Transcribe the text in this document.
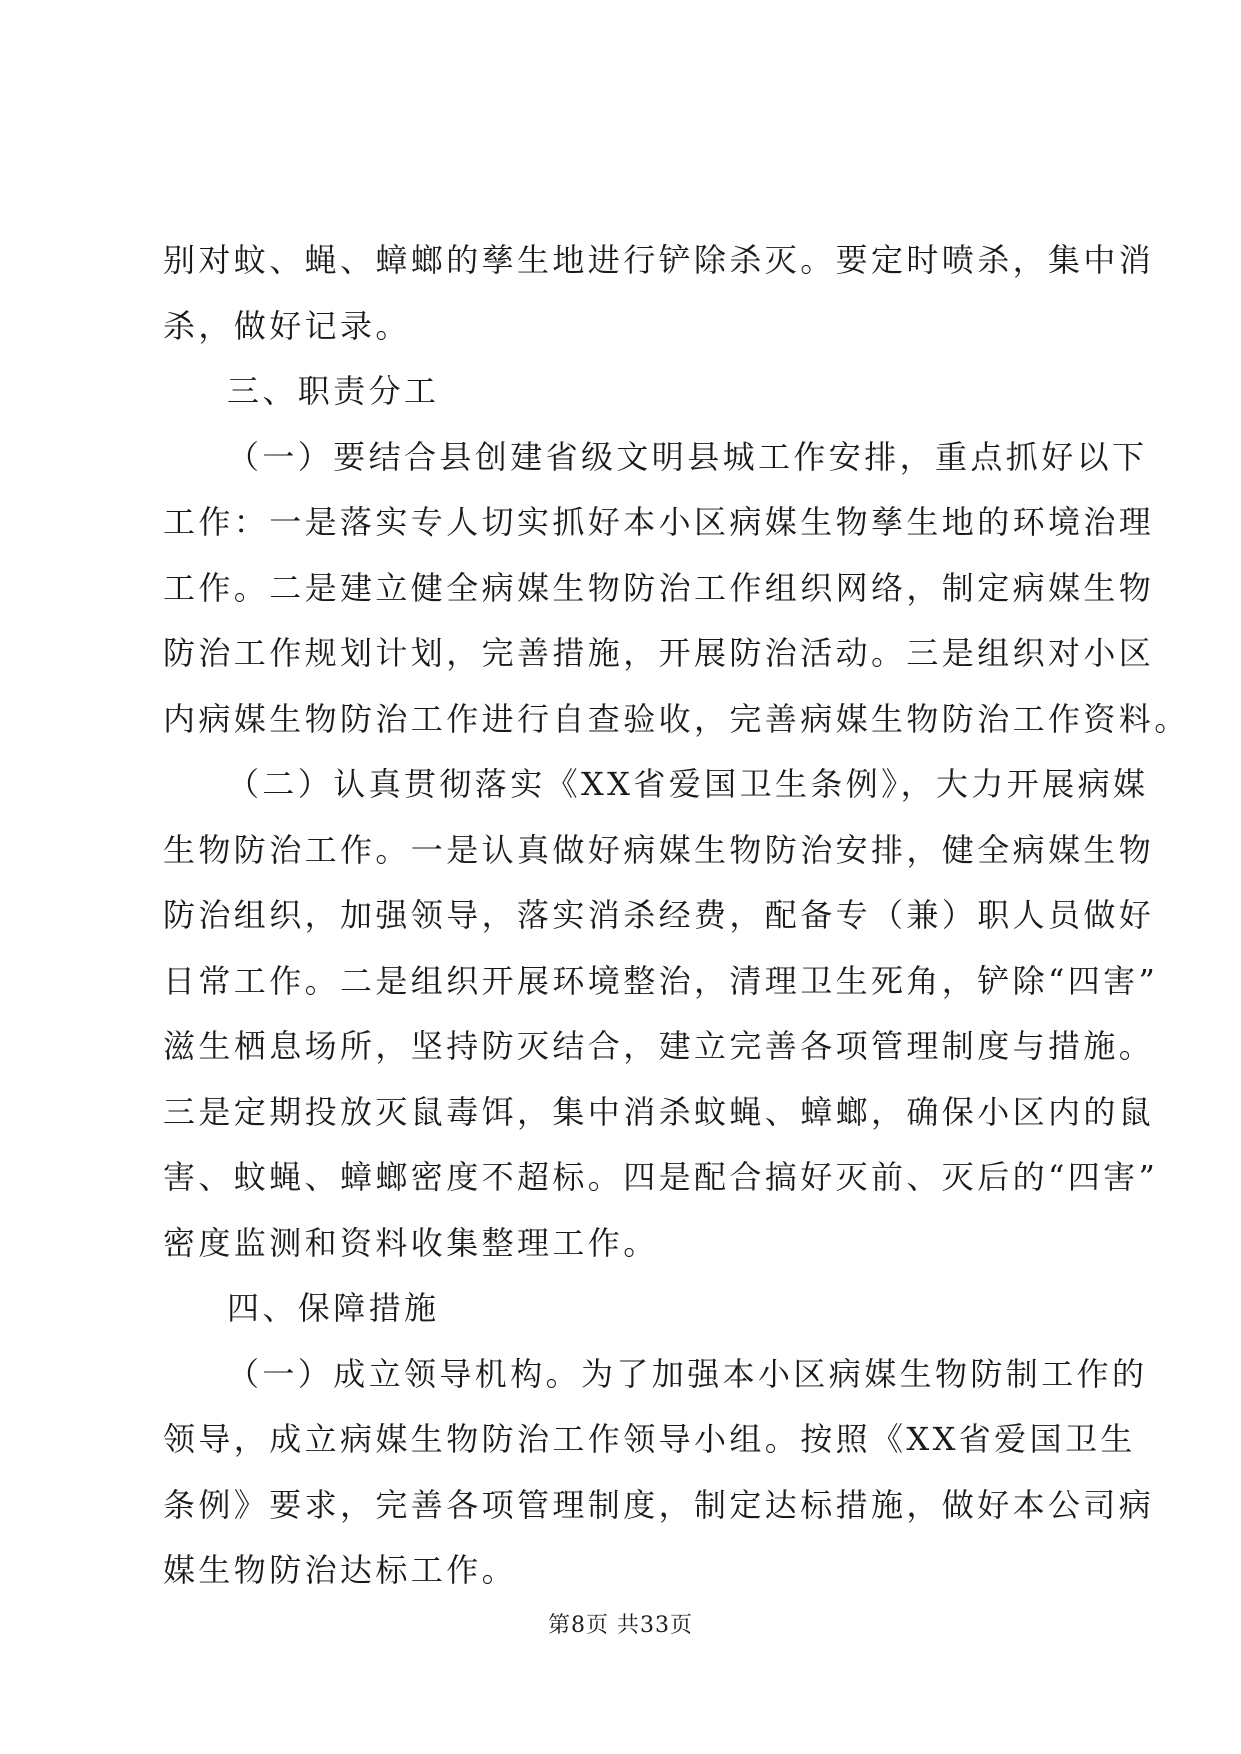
别对蚊、蝇、蟑螂的孳生地进行铲除杀灭。要定时喷杀，集中消
杀，做好记录。
三、职责分工
（一）要结合县创建省级文明县城工作安排，重点抓好以下
工作：一是落实专人切实抓好本小区病媒生物孳生地的环境治理
工作。二是建立健全病媒生物防治工作组织网络，制定病媒生物
防治工作规划计划，完善措施，开展防治活动。三是组织对小区
内病媒生物防治工作进行自查验收，完善病媒生物防治工作资料。
（二）认真贯彻落实《XX省爱国卫生条例》，大力开展病媒
生物防治工作。一是认真做好病媒生物防治安排，健全病媒生物
防治组织，加强领导，落实消杀经费，配备专（兼）职人员做好
日常工作。二是组织开展环境整治，清理卫生死角，铲除“四害”
滋生栖息场所，坚持防灭结合，建立完善各项管理制度与措施。
三是定期投放灭鼠毒饵，集中消杀蚊蝇、蟑螂，确保小区内的鼠
害、蚊蝇、蟑螂密度不超标。四是配合搞好灭前、灭后的“四害”
密度监测和资料收集整理工作。
四、保障措施
（一）成立领导机构。为了加强本小区病媒生物防制工作的
领导，成立病媒生物防治工作领导小组。按照《XX省爱国卫生
条例》要求，完善各项管理制度，制定达标措施，做好本公司病
媒生物防治达标工作。
第8页 共33页
